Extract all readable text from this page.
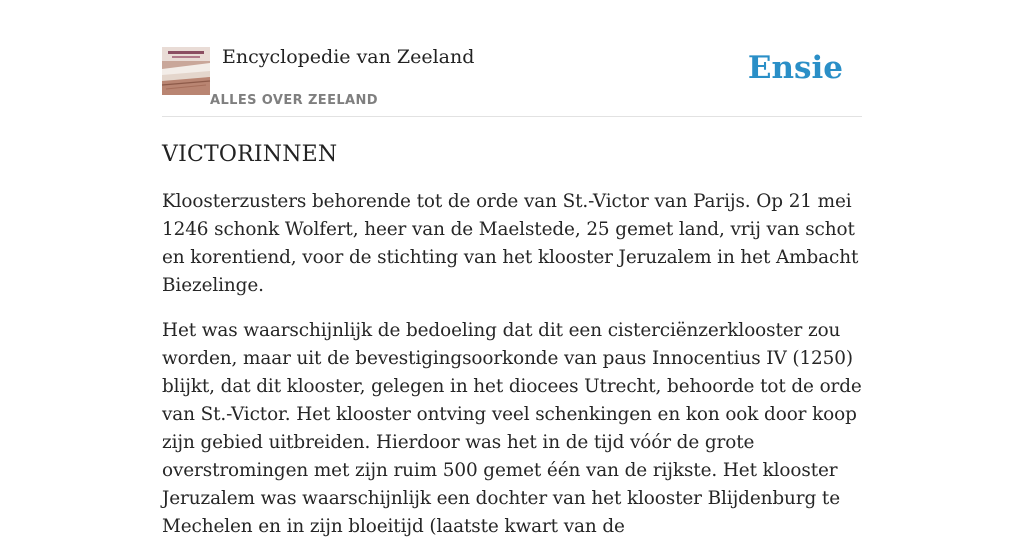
Encyclopedie van Zeeland
ALLES OVER ZEELAND
Ensie
VICTORINNEN

Kloosterzusters behorende tot de orde van St.-Victor van Parijs. Op 21 mei 1246 schonk Wolfert, heer van de Maelstede, 25 gemet land, vrij van schot en korentiend, voor de stichting van het klooster Jeruzalem in het Ambacht Biezelinge.

Het was waarschijnlijk de bedoeling dat dit een cisterciënzerklooster zou worden, maar uit de bevestigingsoorkonde van paus Innocentius IV (1250) blijkt, dat dit klooster, gelegen in het diocees Utrecht, behoorde tot de orde van St.-Victor. Het klooster ontving veel schenkingen en kon ook door koop zijn gebied uitbreiden. Hierdoor was het in de tijd vóór de grote overstromingen met zijn ruim 500 gemet één van de rijkste. Het klooster Jeruzalem was waarschijnlijk een dochter van het klooster Blijdenburg te Mechelen en in zijn bloeitijd (laatste kwart van de
